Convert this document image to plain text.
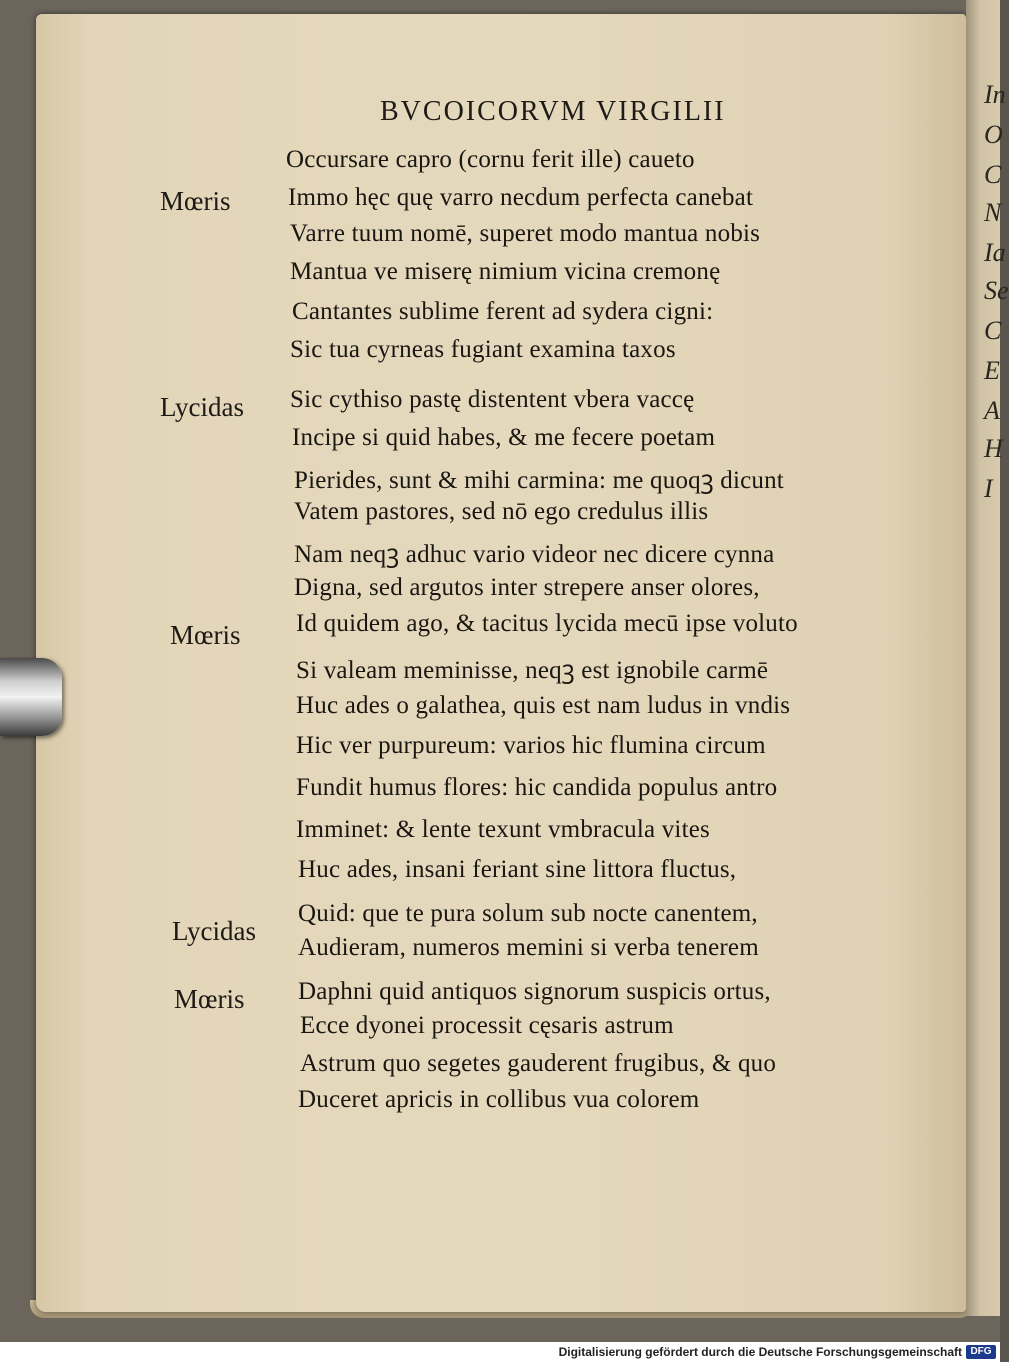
In
O
C
N
Ia
Se
C
E
A
H
I
BVCOICORVM VIRGILII
Mœris
Lycidas
Mœris
Lycidas
Mœris
Occursare capro (cornu ferit ille) caueto
Immo hęc quę varro necdum perfecta canebat
Varre tuum nomē, superet modo mantua nobis
Mantua ve miserę nimium vicina cremonę
Cantantes sublime ferent ad sydera cigni:
Sic tua cyrneas fugiant examina taxos
Sic cythiso pastę distentent vbera vaccę
Incipe si quid habes, & me fecere poetam
Pierides, sunt & mihi carmina: me quoqꝫ dicunt
Vatem pastores, sed nō ego credulus illis
Nam neqꝫ adhuc vario videor nec dicere cynna
Digna, sed argutos inter strepere anser olores,
Id quidem ago, & tacitus lycida mecū ipse voluto
Si valeam meminisse, neqꝫ est ignobile carmē
Huc ades o galathea, quis est nam ludus in vndis
Hic ver purpureum: varios hic flumina circum
Fundit humus flores: hic candida populus antro
Imminet: & lente texunt vmbracula vites
Huc ades, insani feriant sine littora fluctus,
Quid: que te pura solum sub nocte canentem,
Audieram, numeros memini si verba tenerem
Daphni quid antiquos signorum suspicis ortus,
Ecce dyonei processit cęsaris astrum
Astrum quo segetes gauderent frugibus, & quo
Duceret apricis in collibus vua colorem
Digitalisierung gefördert durch die Deutsche Forschungsgemeinschaft DFG
